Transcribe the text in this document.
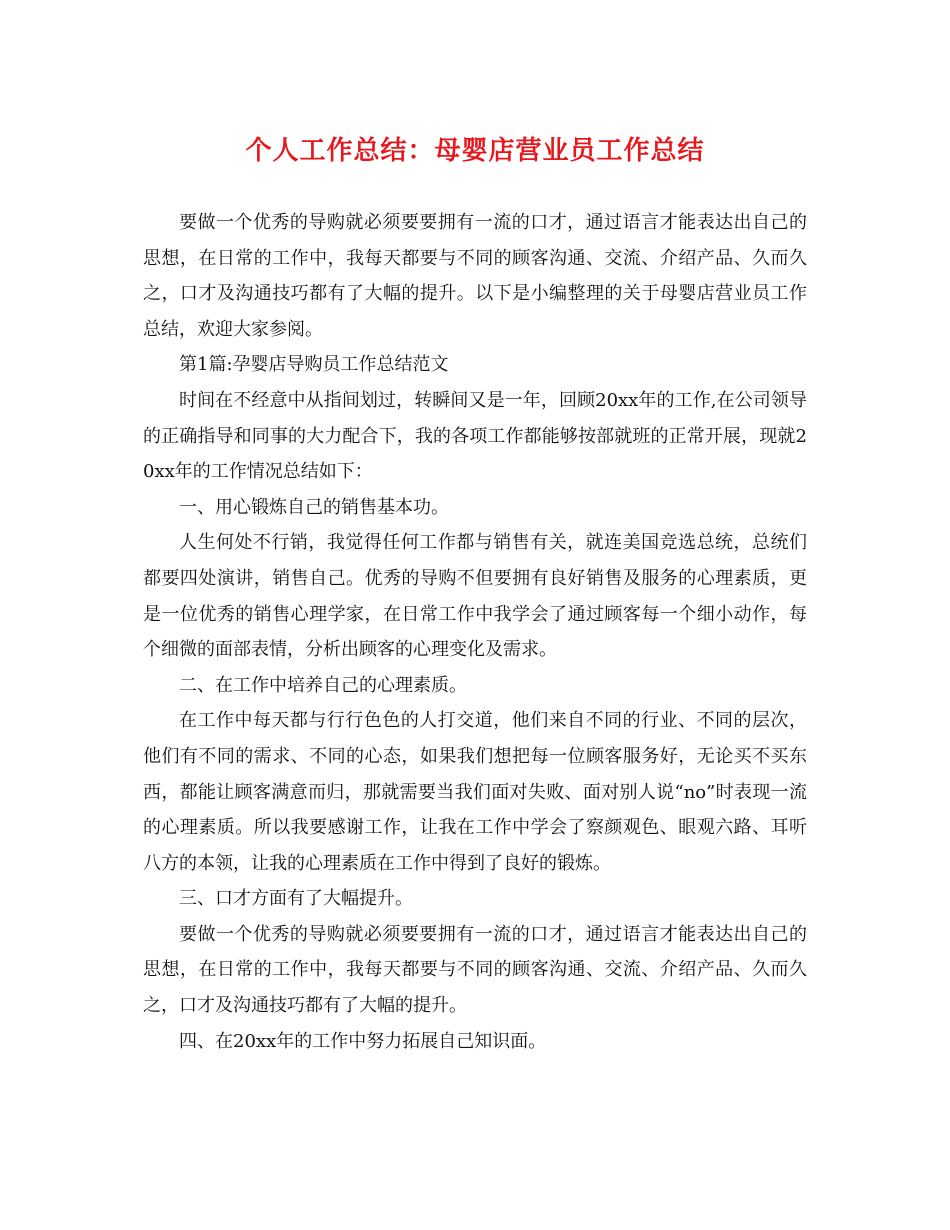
个人工作总结：母婴店营业员工作总结

要做一个优秀的导购就必须要要拥有一流的口才，通过语言才能表达出自己的思想，在日常的工作中，我每天都要与不同的顾客沟通、交流、介绍产品、久而久之，口才及沟通技巧都有了大幅的提升。以下是小编整理的关于母婴店营业员工作总结，欢迎大家参阅。

第1篇:孕婴店导购员工作总结范文

时间在不经意中从指间划过，转瞬间又是一年，回顾20xx年的工作,在公司领导的正确指导和同事的大力配合下，我的各项工作都能够按部就班的正常开展，现就20xx年的工作情况总结如下：

一、用心锻炼自己的销售基本功。

人生何处不行销，我觉得任何工作都与销售有关，就连美国竞选总统，总统们都要四处演讲，销售自己。优秀的导购不但要拥有良好销售及服务的心理素质，更是一位优秀的销售心理学家，在日常工作中我学会了通过顾客每一个细小动作，每个细微的面部表情，分析出顾客的心理变化及需求。

二、在工作中培养自己的心理素质。

在工作中每天都与行行色色的人打交道，他们来自不同的行业、不同的层次，他们有不同的需求、不同的心态，如果我们想把每一位顾客服务好，无论买不买东西，都能让顾客满意而归，那就需要当我们面对失败、面对别人说“no”时表现一流的心理素质。所以我要感谢工作，让我在工作中学会了察颜观色、眼观六路、耳听八方的本领，让我的心理素质在工作中得到了良好的锻炼。

三、口才方面有了大幅提升。

要做一个优秀的导购就必须要要拥有一流的口才，通过语言才能表达出自己的思想，在日常的工作中，我每天都要与不同的顾客沟通、交流、介绍产品、久而久之，口才及沟通技巧都有了大幅的提升。

四、在20xx年的工作中努力拓展自己知识面。
